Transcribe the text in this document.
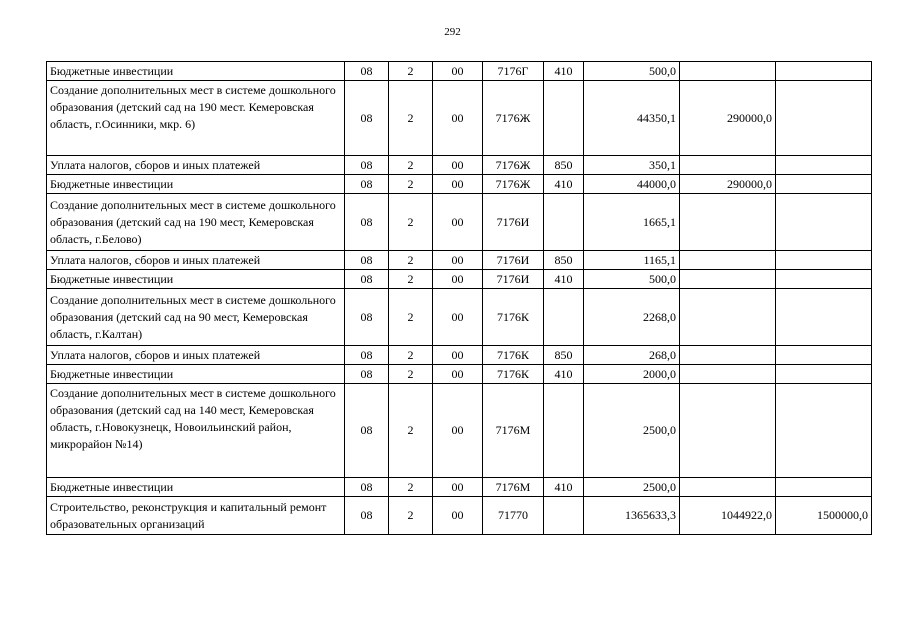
292
Бюджетные инвестиции	08	2	00	7176Г	410	500,0		
Создание дополнительных мест в системе дошкольного образования (детский сад на 190 мест. Кемеровская область, г.Осинники, мкр. 6)	08	2	00	7176Ж		44350,1	290000,0	
Уплата налогов, сборов и иных платежей	08	2	00	7176Ж	850	350,1		
Бюджетные инвестиции	08	2	00	7176Ж	410	44000,0	290000,0	
Создание дополнительных мест в системе дошкольного образования (детский сад на 190 мест, Кемеровская область, г.Белово)	08	2	00	7176И		1665,1		
Уплата налогов, сборов и иных платежей	08	2	00	7176И	850	1165,1		
Бюджетные инвестиции	08	2	00	7176И	410	500,0		
Создание дополнительных мест в системе дошкольного образования (детский сад на 90 мест, Кемеровская область, г.Калтан)	08	2	00	7176К		2268,0		
Уплата налогов, сборов и иных платежей	08	2	00	7176К	850	268,0		
Бюджетные инвестиции	08	2	00	7176К	410	2000,0		
Создание дополнительных мест в системе дошкольного образования (детский сад на 140 мест, Кемеровская область, г.Новокузнецк, Новоильинский район, микрорайон №14)	08	2	00	7176М		2500,0		
Бюджетные инвестиции	08	2	00	7176М	410	2500,0		
Строительство, реконструкция и капитальный ремонт образовательных организаций	08	2	00	71770		1365633,3	1044922,0	1500000,0
